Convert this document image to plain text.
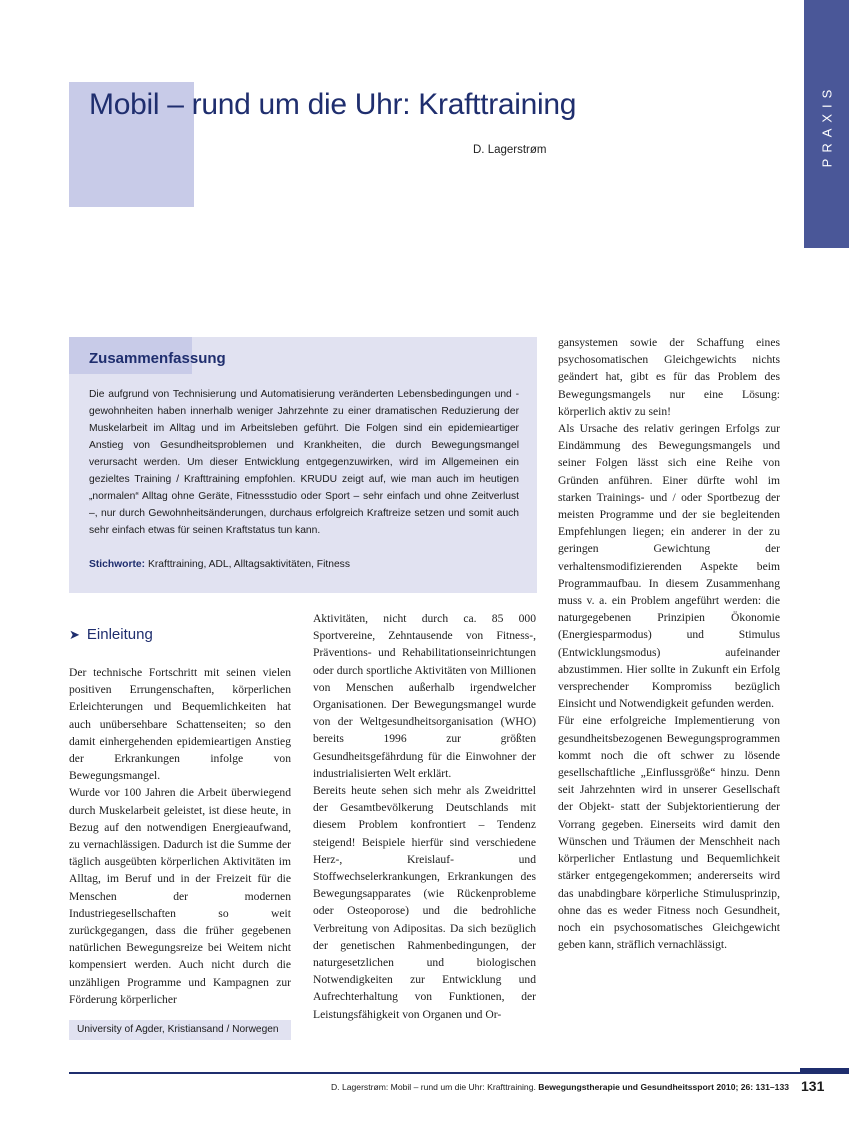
PRAXIS
Mobil – rund um die Uhr: Krafttraining
D. Lagerstrøm
Zusammenfassung
Die aufgrund von Technisierung und Automatisierung veränderten Lebensbedingungen und -gewohnheiten haben innerhalb weniger Jahrzehnte zu einer dramatischen Reduzierung der Muskelarbeit im Alltag und im Arbeitsleben geführt. Die Folgen sind ein epidemieartiger Anstieg von Gesundheitsproblemen und Krankheiten, die durch Bewegungsmangel verursacht werden. Um dieser Entwicklung entgegenzuwirken, wird im Allgemeinen ein gezieltes Training / Krafttraining empfohlen. KRUDU zeigt auf, wie man auch im heutigen „normalen“ Alltag ohne Geräte, Fitnessstudio oder Sport – sehr einfach und ohne Zeitverlust –, nur durch Gewohnheitsänderungen, durchaus erfolgreich Kraftreize setzen und somit auch sehr einfach etwas für seinen Kraftstatus tun kann.
Stichworte: Krafttraining, ADL, Alltagsaktivitäten, Fitness
➤ Einleitung

Der technische Fortschritt mit seinen vielen positiven Errungenschaften, körperlichen Erleichterungen und Bequemlichkeiten hat auch unübersehbare Schattenseiten; so den damit einhergehenden epidemieartigen Anstieg der Erkrankungen infolge von Bewegungsmangel.

Wurde vor 100 Jahren die Arbeit überwiegend durch Muskelarbeit geleistet, ist diese heute, in Bezug auf den notwendigen Energieaufwand, zu vernachlässigen. Dadurch ist die Summe der täglich ausgeübten körperlichen Aktivitäten im Alltag, im Beruf und in der Freizeit für die Menschen der modernen Industriegesellschaften so weit zurückgegangen, dass die früher gegebenen natürlichen Bewegungsreize bei Weitem nicht kompensiert werden. Auch nicht durch die unzähligen Programme und Kampagnen zur Förderung körperlicher

Aktivitäten, nicht durch ca. 85 000 Sportvereine, Zehntausende von Fitness-, Präventions- und Rehabilitationseinrichtungen oder durch sportliche Aktivitäten von Millionen von Menschen außerhalb irgendwelcher Organisationen. Der Bewegungsmangel wurde von der Weltgesundheitsorganisation (WHO) bereits 1996 zur größten Gesundheitsgefährdung für die Einwohner der industrialisierten Welt erklärt.

Bereits heute sehen sich mehr als Zweidrittel der Gesamtbevölkerung Deutschlands mit diesem Problem konfrontiert – Tendenz steigend! Beispiele hierfür sind verschiedene Herz-, Kreislauf- und Stoffwechselerkrankungen, Erkrankungen des Bewegungsapparates (wie Rückenprobleme oder Osteoporose) und die bedrohliche Verbreitung von Adipositas. Da sich bezüglich der genetischen Rahmenbedingungen, der naturgesetzlichen und biologischen Notwendigkeiten zur Entwicklung und Aufrechterhaltung von Funktionen, der Leistungsfähigkeit von Organen und Or-

gansystemen sowie der Schaffung eines psychosomatischen Gleichgewichts nichts geändert hat, gibt es für das Problem des Bewegungsmangels nur eine Lösung: körperlich aktiv zu sein!

Als Ursache des relativ geringen Erfolgs zur Eindämmung des Bewegungsmangels und seiner Folgen lässt sich eine Reihe von Gründen anführen. Einer dürfte wohl im starken Trainings- und / oder Sportbezug der meisten Programme und der sie begleitenden Empfehlungen liegen; ein anderer in der zu geringen Gewichtung der verhaltensmodifizierenden Aspekte beim Programmaufbau. In diesem Zusammenhang muss v. a. ein Problem angeführt werden: die naturgegebenen Prinzipien Ökonomie (Energiesparmodus) und Stimulus (Entwicklungsmodus) aufeinander abzustimmen. Hier sollte in Zukunft ein Erfolg versprechender Kompromiss bezüglich Einsicht und Notwendigkeit gefunden werden.

Für eine erfolgreiche Implementierung von gesundheitsbezogenen Bewegungsprogrammen kommt noch die oft schwer zu lösende gesellschaftliche „Einflussgröße“ hinzu. Denn seit Jahrzehnten wird in unserer Gesellschaft der Objekt- statt der Subjektorientierung der Vorrang gegeben. Einerseits wird damit den Wünschen und Träumen der Menschheit nach körperlicher Entlastung und Bequemlichkeit stärker entgegengekommen; andererseits wird das unabdingbare körperliche Stimulusprinzip, ohne das es weder Fitness noch Gesundheit, noch ein psychosomatisches Gleichgewicht geben kann, sträflich vernachlässigt.

University of Agder, Kristiansand / Norwegen
D. Lagerstrøm: Mobil – rund um die Uhr: Krafttraining. Bewegungstherapie und Gesundheitssport 2010; 26: 131–133 131
